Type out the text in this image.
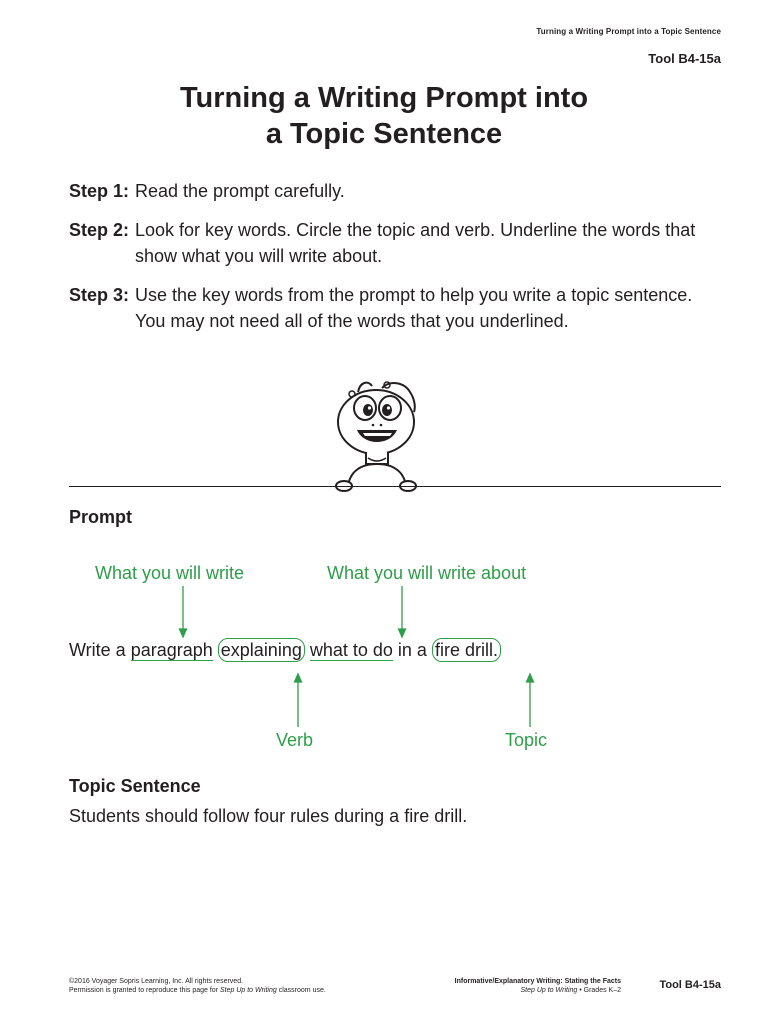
Turning a Writing Prompt into a Topic Sentence
Tool B4-15a
Turning a Writing Prompt into
a Topic Sentence
Step 1: Read the prompt carefully.
Step 2: Look for key words. Circle the topic and verb. Underline the words that show what you will write about.
Step 3: Use the key words from the prompt to help you write a topic sentence. You may not need all of the words that you underlined.
Prompt
What you will write	What you will write about
Write a paragraph explaining what to do in a fire drill.
Verb	Topic
Topic Sentence
Students should follow four rules during a fire drill.
©2016 Voyager Sopris Learning, Inc. All rights reserved.
Permission is granted to reproduce this page for Step Up to Writing classroom use.
Informative/Explanatory Writing: Stating the Facts
Step Up to Writing • Grades K–2	Tool B4-15a
